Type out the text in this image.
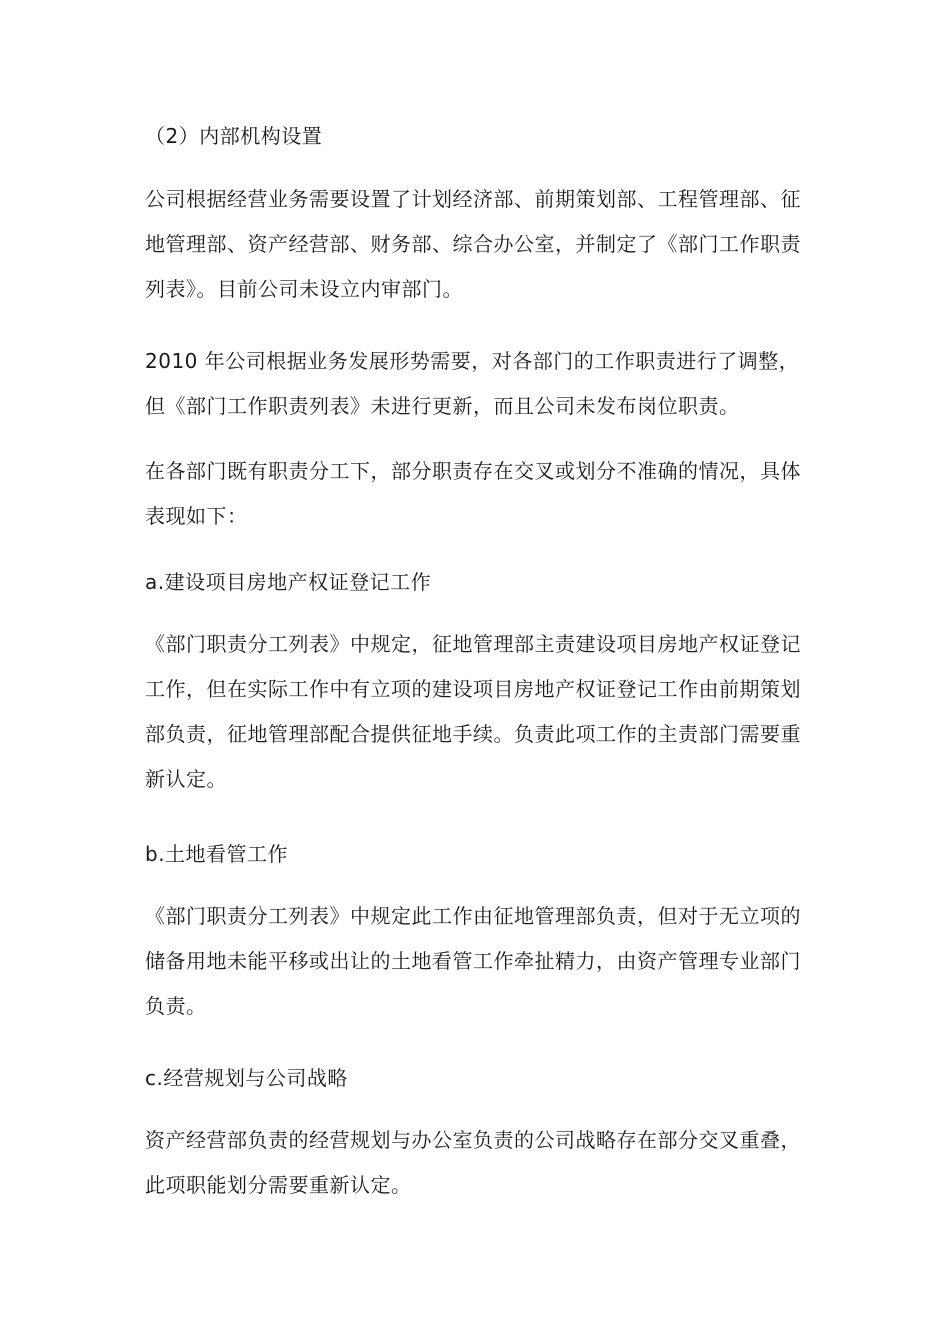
（2）内部机构设置

公司根据经营业务需要设置了计划经济部、前期策划部、工程管理部、征地管理部、资产经营部、财务部、综合办公室，并制定了《部门工作职责列表》。目前公司未设立内审部门。

2010 年公司根据业务发展形势需要，对各部门的工作职责进行了调整，但《部门工作职责列表》未进行更新，而且公司未发布岗位职责。

在各部门既有职责分工下，部分职责存在交叉或划分不准确的情况，具体表现如下：

a.建设项目房地产权证登记工作

《部门职责分工列表》中规定，征地管理部主责建设项目房地产权证登记工作，但在实际工作中有立项的建设项目房地产权证登记工作由前期策划部负责，征地管理部配合提供征地手续。负责此项工作的主责部门需要重新认定。

b.土地看管工作

《部门职责分工列表》中规定此工作由征地管理部负责，但对于无立项的储备用地未能平移或出让的土地看管工作牵扯精力，由资产管理专业部门负责。

c.经营规划与公司战略

资产经营部负责的经营规划与办公室负责的公司战略存在部分交叉重叠，此项职能划分需要重新认定。
